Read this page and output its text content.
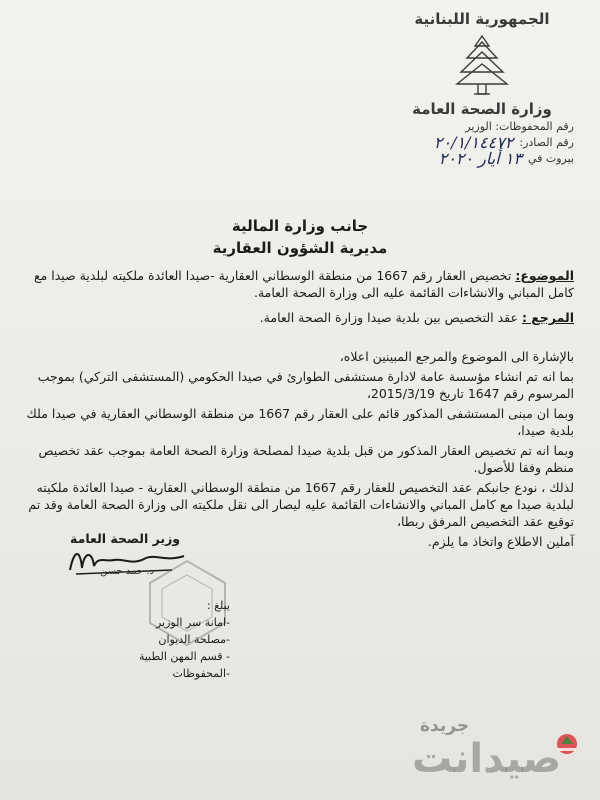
الجمهورية اللبنانية
وزارة الصحة العامة
رقم المحفوظات: الوزير
رقم الصادر:
٢٠/١/١٤٤٧٢
بيروت في
١٣ أيار ٢٠٢٠
جانب وزارة المالية
مديرية الشؤون العقارية
الموضوع: تخصيص العقار رقم 1667 من منطقة الوسطاني العقارية -صيدا العائدة ملكيته لبلدية صيدا مع كامل المباني والانشاءات القائمة عليه الى وزارة الصحة العامة.
المرجع : عقد التخصيص بين بلدية صيدا وزارة الصحة العامة.

بالإشارة الى الموضوع والمرجع المبينين اعلاه،

بما انه تم انشاء مؤسسة عامة لادارة مستشفى الطوارئ في صيدا الحكومي (المستشفى التركي) بموجب المرسوم رقم 1647 تاريخ 2015/3/19،

وبما ان مبنى المستشفى المذكور قائم على العقار رقم 1667 من منطقة الوسطاني العقارية في صيدا ملك بلدية صيدا،

وبما انه تم تخصيص العقار المذكور من قبل بلدية صيدا لمصلحة وزارة الصحة العامة بموجب عقد تخصيص منظم وفقا للأصول.

لذلك ، نودع جانبكم عقد التخصيص للعقار رقم 1667 من منطقة الوسطاني العقارية - صيدا العائدة ملكيته لبلدية صيدا مع كامل المباني والانشاءات القائمة عليه ليصار الى نقل ملكيته الى وزارة الصحة العامة وقد تم توقيع عقد التخصيص المرفق ربطا،

آملين الاطلاع واتخاذ ما يلزم.

وزير الصحة العامة
د. حمد حسن
يبلغ :
-امانة سر الوزير
-مصلحة الديوان
- قسم المهن الطبية
-المحفوظات
جريدة
صيدانت
